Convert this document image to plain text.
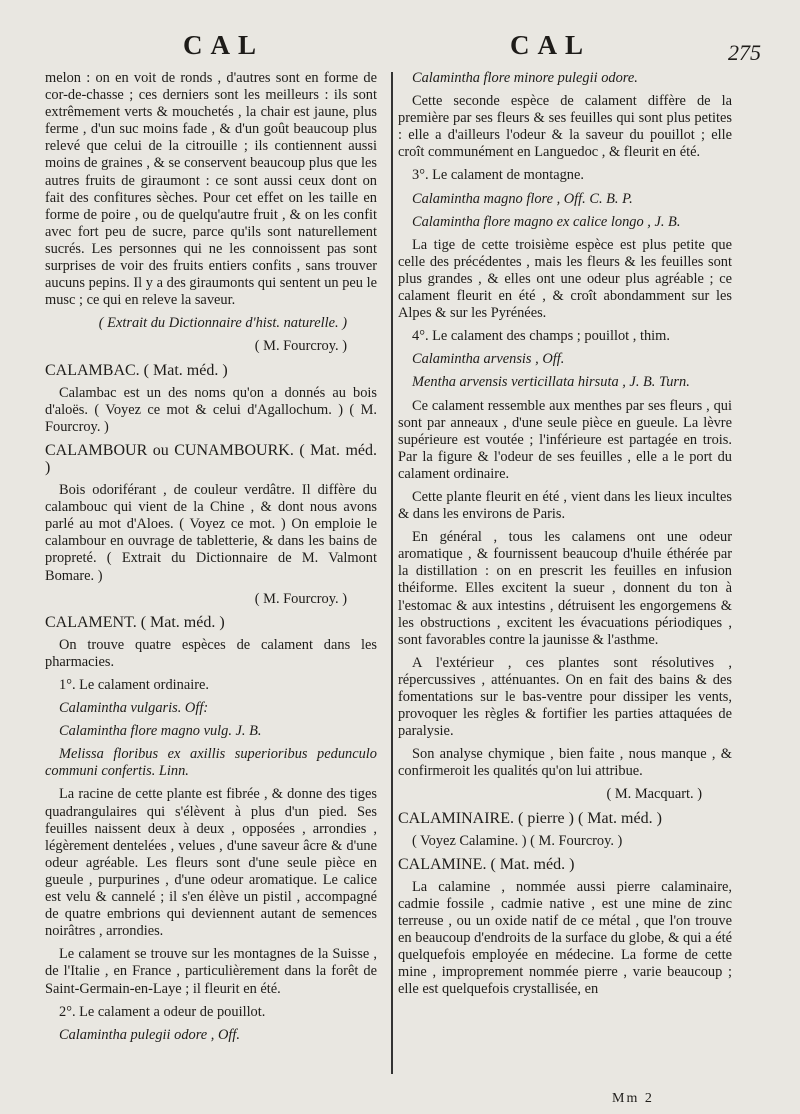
CAL	CAL	275

melon : on en voit de ronds , d'autres sont en forme de cor-de-chasse ; ces derniers sont les meilleurs : ils sont extrêmement verts & mouchetés , la chair est jaune, plus ferme , d'un suc moins fade , & d'un goût beaucoup plus relevé que celui de la citrouille ; ils contiennent aussi moins de graines , & se conservent beaucoup plus que les autres fruits de giraumont : ce sont aussi ceux dont on fait des confitures sèches. Pour cet effet on les taille en forme de poire , ou de quelqu'autre fruit , & on les confit avec fort peu de sucre, parce qu'ils sont naturellement sucrés. Les personnes qui ne les connoissent pas sont surprises de voir des fruits entiers confits , sans trouver aucuns pepins. Il y a des giraumonts qui sentent un peu le musc ; ce qui en releve la saveur.

( Extrait du Dictionnaire d'hist. naturelle. )

( M. Fourcroy. )

CALAMBAC. ( Mat. méd. )

Calambac est un des noms qu'on a donnés au bois d'aloës. ( Voyez ce mot & celui d'Agallochum. ) ( M. Fourcroy. )

CALAMBOUR ou CUNAMBOURK. ( Mat. méd. )

Bois odoriférant , de couleur verdâtre. Il diffère du calambouc qui vient de la Chine , & dont nous avons parlé au mot d'Aloes. ( Voyez ce mot. ) On emploie le calambour en ouvrage de tabletterie, & dans les bains de propreté. ( Extrait du Dictionnaire de M. Valmont Bomare. )

( M. Fourcroy. )

CALAMENT. ( Mat. méd. )

On trouve quatre espèces de calament dans les pharmacies.

1°. Le calament ordinaire.

Calamintha vulgaris. Off:

Calamintha flore magno vulg. J. B.

Melissa floribus ex axillis superioribus pedunculo communi confertis. Linn.

La racine de cette plante est fibrée , & donne des tiges quadrangulaires qui s'élèvent à plus d'un pied. Ses feuilles naissent deux à deux , opposées , arrondies , légèrement dentelées , velues , d'une saveur âcre & d'une odeur agréable. Les fleurs sont d'une seule pièce en gueule , purpurines , d'une odeur aromatique. Le calice est velu & cannelé ; il s'en élève un pistil , accompagné de quatre embrions qui deviennent autant de semences noirâtres , arrondies.

Le calament se trouve sur les montagnes de la Suisse , de l'Italie , en France , particulièrement dans la forêt de Saint-Germain-en-Laye ; il fleurit en été.

2°. Le calament a odeur de pouillot.

Calamintha pulegii odore , Off.

Calamintha flore minore pulegii odore.

Cette seconde espèce de calament diffère de la première par ses fleurs & ses feuilles qui sont plus petites : elle a d'ailleurs l'odeur & la saveur du pouillot ; elle croît communément en Languedoc , & fleurit en été.

3°. Le calament de montagne.

Calamintha magno flore , Off. C. B. P.

Calamintha flore magno ex calice longo , J. B.

La tige de cette troisième espèce est plus petite que celle des précédentes , mais les fleurs & les feuilles sont plus grandes , & elles ont une odeur plus agréable ; ce calament fleurit en été , & croît abondamment sur les Alpes & sur les Pyrénées.

4°. Le calament des champs ; pouillot , thim.

Calamintha arvensis , Off.

Mentha arvensis verticillata hirsuta , J. B. Turn.

Ce calament ressemble aux menthes par ses fleurs , qui sont par anneaux , d'une seule pièce en gueule. La lèvre supérieure est voutée ; l'inférieure est partagée en trois. Par la figure & l'odeur de ses feuilles , elle a le port du calament ordinaire.

Cette plante fleurit en été , vient dans les lieux incultes & dans les environs de Paris.

En général , tous les calamens ont une odeur aromatique , & fournissent beaucoup d'huile éthérée par la distillation : on en prescrit les feuilles en infusion théiforme. Elles excitent la sueur , donnent du ton à l'estomac & aux intestins , détruisent les engorgemens & les obstructions , excitent les évacuations périodiques , sont favorables contre la jaunisse & l'asthme.

A l'extérieur , ces plantes sont résolutives , répercussives , atténuantes. On en fait des bains & des fomentations sur le bas-ventre pour dissiper les vents, provoquer les règles & fortifier les parties attaquées de paralysie.

Son analyse chymique , bien faite , nous manque , & confirmeroit les qualités qu'on lui attribue.

( M. Macquart. )

CALAMINAIRE. ( pierre ) ( Mat. méd. )

( Voyez Calamine. ) ( M. Fourcroy. )

CALAMINE. ( Mat. méd. )

La calamine , nommée aussi pierre calaminaire, cadmie fossile , cadmie native , est une mine de zinc terreuse , ou un oxide natif de ce métal , que l'on trouve en beaucoup d'endroits de la surface du globe, & qui a été quelquefois employée en médecine. La forme de cette mine , improprement nommée pierre , varie beaucoup ; elle est quelquefois crystallisée, en

Mm 2
